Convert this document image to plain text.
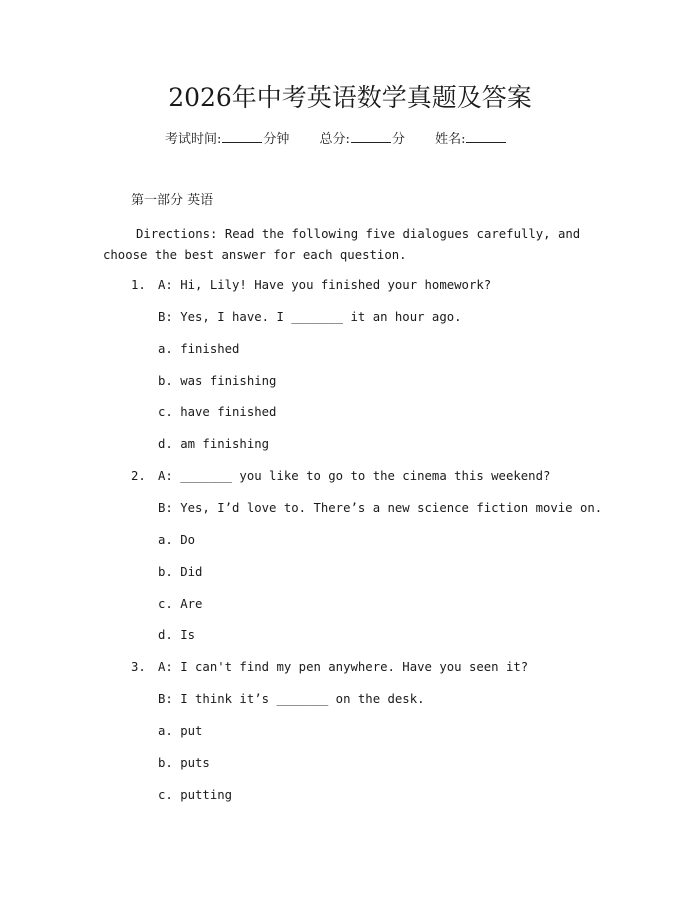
2026年中考英语数学真题及答案
考试时间:	分钟 总分:	分 姓名:
第一部分 英语
Directions: Read the following five dialogues carefully, and choose the best answer for each question.
1. A: Hi, Lily! Have you finished your homework?
B: Yes, I have. I _______ it an hour ago.
a. finished
b. was finishing
c. have finished
d. am finishing
2. A: _______ you like to go to the cinema this weekend?
B: Yes, I’d love to. There’s a new science fiction movie on.
a. Do
b. Did
c. Are
d. Is
3. A: I can't find my pen anywhere. Have you seen it?
B: I think it’s _______ on the desk.
a. put
b. puts
c. putting
